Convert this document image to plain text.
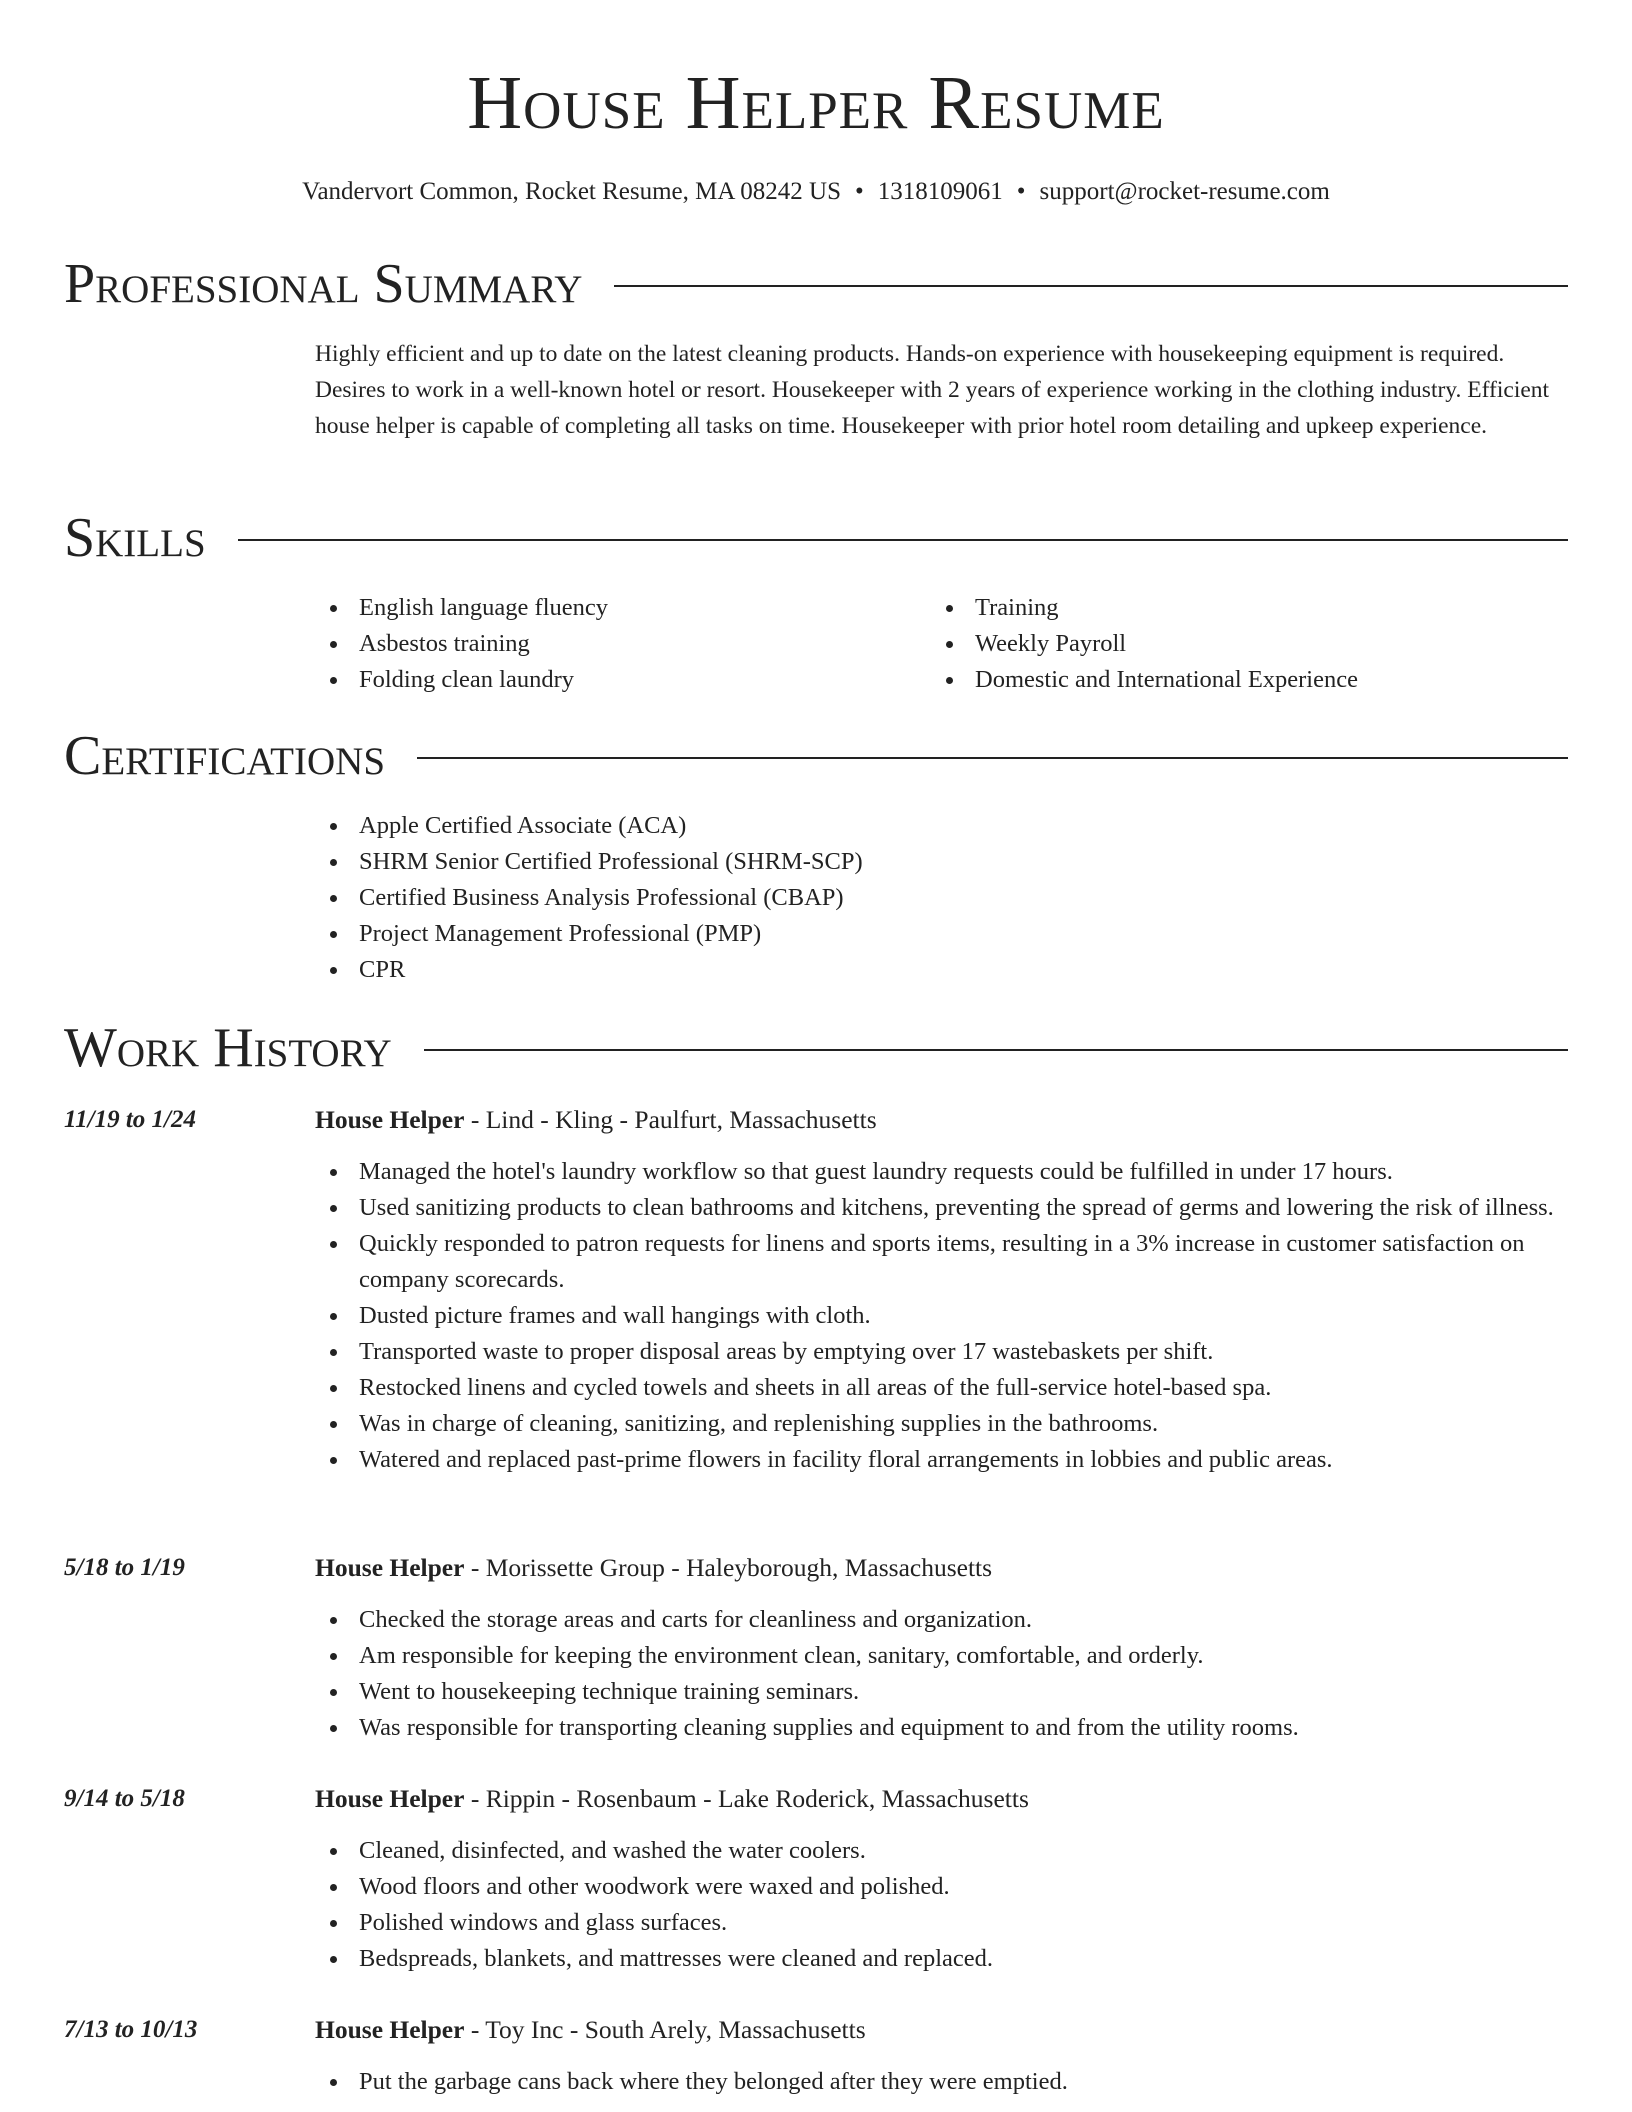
House Helper Resume
Vandervort Common, Rocket Resume, MA 08242 US • 1318109061 • support@rocket-resume.com
Professional Summary

Highly efficient and up to date on the latest cleaning products. Hands-on experience with housekeeping equipment is required. Desires to work in a well-known hotel or resort. Housekeeper with 2 years of experience working in the clothing industry. Efficient house helper is capable of completing all tasks on time. Housekeeper with prior hotel room detailing and upkeep experience.

Skills
English language fluency
Asbestos training
Folding clean laundry
Training
Weekly Payroll
Domestic and International Experience
Certifications
Apple Certified Associate (ACA)
SHRM Senior Certified Professional (SHRM-SCP)
Certified Business Analysis Professional (CBAP)
Project Management Professional (PMP)
CPR
Work History
11/19 to 1/24	House Helper - Lind - Kling - Paulfurt, Massachusetts
Managed the hotel's laundry workflow so that guest laundry requests could be fulfilled in under 17 hours.
Used sanitizing products to clean bathrooms and kitchens, preventing the spread of germs and lowering the risk of illness.
Quickly responded to patron requests for linens and sports items, resulting in a 3% increase in customer satisfaction on company scorecards.
Dusted picture frames and wall hangings with cloth.
Transported waste to proper disposal areas by emptying over 17 wastebaskets per shift.
Restocked linens and cycled towels and sheets in all areas of the full-service hotel-based spa.
Was in charge of cleaning, sanitizing, and replenishing supplies in the bathrooms.
Watered and replaced past-prime flowers in facility floral arrangements in lobbies and public areas.
5/18 to 1/19	House Helper - Morissette Group - Haleyborough, Massachusetts
Checked the storage areas and carts for cleanliness and organization.
Am responsible for keeping the environment clean, sanitary, comfortable, and orderly.
Went to housekeeping technique training seminars.
Was responsible for transporting cleaning supplies and equipment to and from the utility rooms.
9/14 to 5/18	House Helper - Rippin - Rosenbaum - Lake Roderick, Massachusetts
Cleaned, disinfected, and washed the water coolers.
Wood floors and other woodwork were waxed and polished.
Polished windows and glass surfaces.
Bedspreads, blankets, and mattresses were cleaned and replaced.
7/13 to 10/13	House Helper - Toy Inc - South Arely, Massachusetts
Put the garbage cans back where they belonged after they were emptied.
